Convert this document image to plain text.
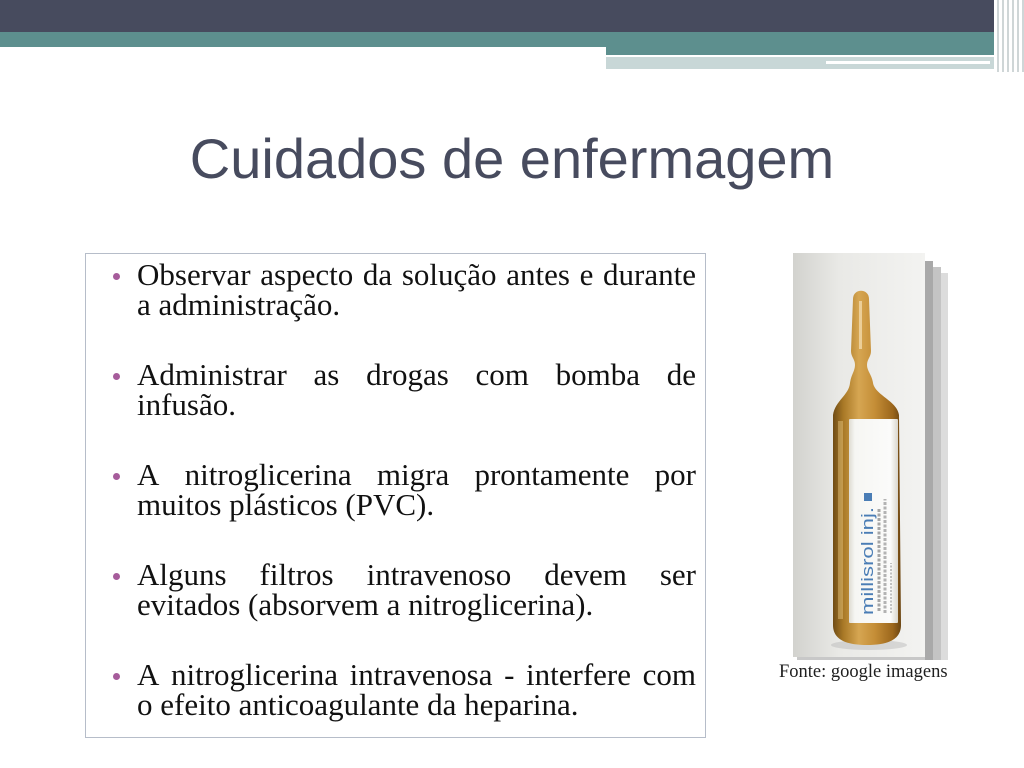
Cuidados de enfermagem
Observar aspecto da solução antes e durante a administração.
Administrar as drogas com bomba de infusão.
A nitroglicerina migra prontamente por muitos plásticos (PVC).
Alguns filtros intravenoso devem ser evitados (absorvem a nitroglicerina).
A nitroglicerina intravenosa - interfere com o efeito anticoagulante da heparina.
millisrol inj.
Fonte: google imagens
